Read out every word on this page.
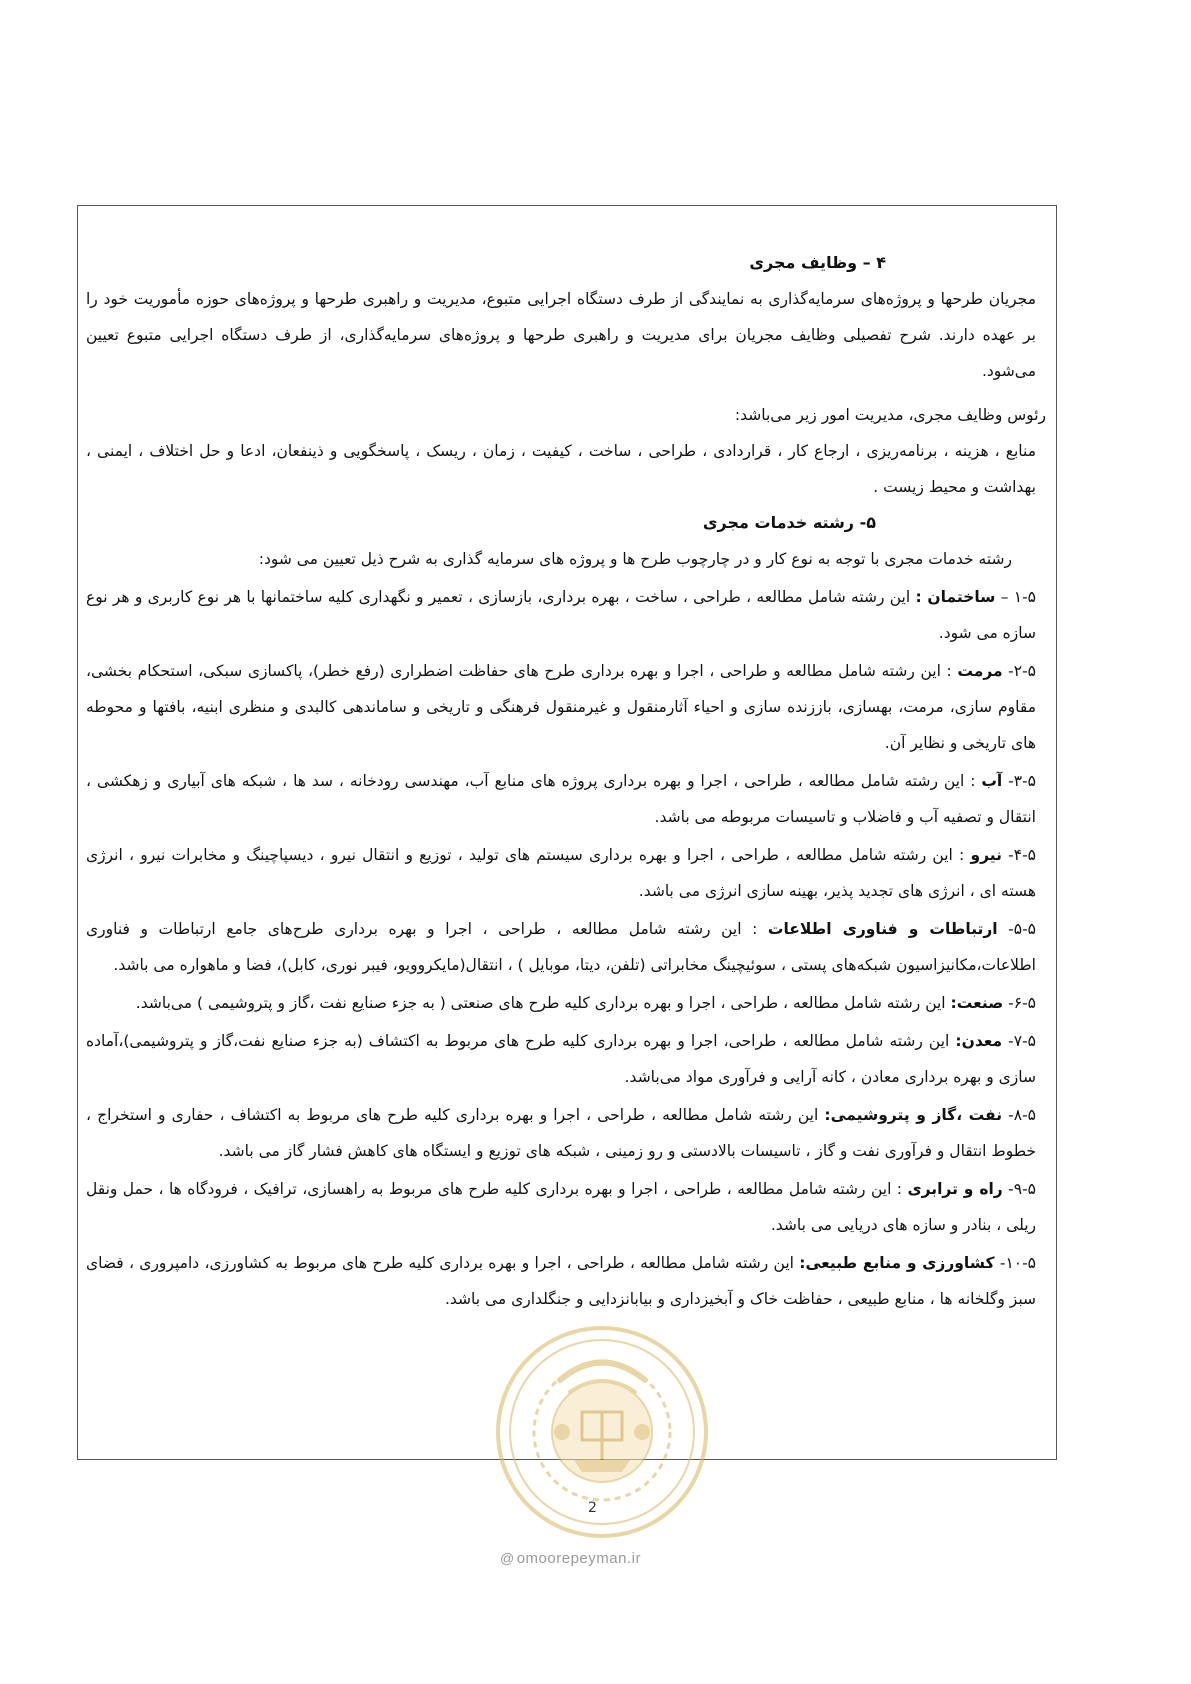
۴ – وظایف مجری

مجریان طرحها و پروژه‌های سرمایه‌گذاری به نمایندگی از طرف دستگاه اجرایی متبوع، مدیریت و راهبری طرحها و پروژه‌های حوزه مأموریت خود را بر عهده دارند. شرح تفصیلی وظایف مجریان برای مدیریت و راهبری طرحها و پروژه‌های سرمایه‌گذاری، از طرف دستگاه اجرایی متبوع تعیین می‌شود.

رئوس وظایف مجری، مدیریت امور زیر می‌باشد:

منابع ، هزینه ، برنامه‌ریزی ، ارجاع کار ، قراردادی ، طراحی ، ساخت ، کیفیت ، زمان ، ریسک ، پاسخگویی و ذینفعان، ادعا و حل اختلاف ، ایمنی ، بهداشت و محیط زیست .

۵- رشته خدمات مجری

رشته خدمات مجری با توجه به نوع کار و در چارچوب طرح ها و پروژه های سرمایه گذاری به شرح ذیل تعیین می شود:

۱-۵ – ساختمان : این رشته شامل مطالعه ، طراحی ، ساخت ، بهره برداری، بازسازی ، تعمیر و نگهداری کلیه ساختمانها با هر نوع کاربری و هر نوع سازه می شود.

۲-۵- مرمت : این رشته شامل مطالعه و طراحی ، اجرا و بهره برداری طرح های حفاظت اضطراری (رفع خطر)، پاکسازی سبکی، استحکام بخشی، مقاوم سازی، مرمت، بهسازی، باززنده سازی و احیاء آثارمنقول و غیرمنقول فرهنگی و تاریخی و ساماندهی کالبدی و منظری ابنیه، بافتها و محوطه های تاریخی و نظایر آن.

۳-۵- آب : این رشته شامل مطالعه ، طراحی ، اجرا و بهره برداری پروژه های منابع آب، مهندسی رودخانه ، سد ها ، شبکه های آبیاری و زهکشی ، انتقال و تصفیه آب و فاضلاب و تاسیسات مربوطه می باشد.

۴-۵- نیرو : این رشته شامل مطالعه ، طراحی ، اجرا و بهره برداری سیستم های تولید ، توزیع و انتقال نیرو ، دیسپاچینگ و مخابرات نیرو ، انرژی هسته ای ، انرژی های تجدید پذیر، بهینه سازی انرژی می باشد.

۵-۵- ارتباطات و فناوری اطلاعات : این رشته شامل مطالعه ، طراحی ، اجرا و بهره برداری طرح‌های جامع ارتباطات و فناوری اطلاعات،مکانیزاسیون شبکه‌های پستی ، سوئیچینگ مخابراتی (تلفن، دیتا، موبایل ) ، انتقال(مایکروویو، فیبر نوری، کابل)، فضا و ماهواره می باشد.

۶-۵- صنعت: این رشته شامل مطالعه ، طراحی ، اجرا و بهره برداری کلیه طرح های صنعتی ( به جزء صنایع نفت ،گاز و پتروشیمی ) می‌باشد.

۷-۵- معدن: این رشته شامل مطالعه ، طراحی، اجرا و بهره برداری کلیه طرح های مربوط به اکتشاف (به جزء صنایع نفت،گاز و پتروشیمی)،آماده سازی و بهره برداری معادن ، کانه آرایی و فرآوری مواد می‌باشد.

۸-۵- نفت ،گاز و پتروشیمی: این رشته شامل مطالعه ، طراحی ، اجرا و بهره برداری کلیه طرح های مربوط به اکتشاف ، حفاری و استخراج ، خطوط انتقال و فرآوری نفت و گاز ، تاسیسات بالادستی و رو زمینی ، شبکه های توزیع و ایستگاه های کاهش فشار گاز می باشد.

۹-۵- راه و ترابری : این رشته شامل مطالعه ، طراحی ، اجرا و بهره برداری کلیه طرح های مربوط به راهسازی، ترافیک ، فرودگاه ها ، حمل ونقل ریلی ، بنادر و سازه های دریایی می باشد.

۱۰-۵- کشاورزی و منابع طبیعی: این رشته شامل مطالعه ، طراحی ، اجرا و بهره برداری کلیه طرح های مربوط به کشاورزی، دامپروری ، فضای سبز وگلخانه ها ، منابع طبیعی ، حفاظت خاک و آبخیزداری و بیابانزدایی و جنگلداری می باشد.

2
@ omoorepeyman.ir
